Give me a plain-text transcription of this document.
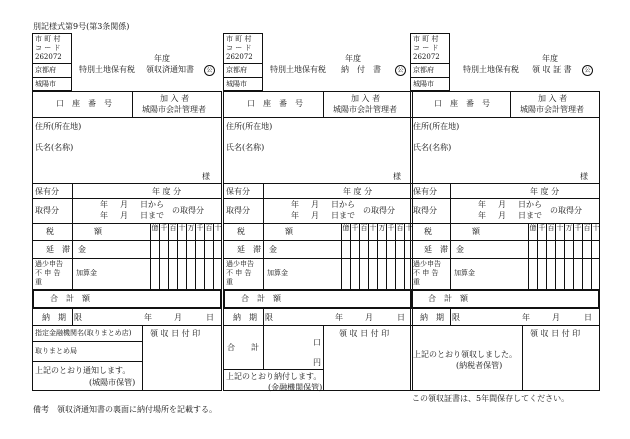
別記様式第9号(第3条関係)
市 町 村
コ ー ド
262072
京都府
城陽市
年度
特別土地保有税 領収済通知書	公
口　座　番　号
加 入 者
城陽市会計管理者
住所(所在地)
氏名(名称)
様
保有分	年 度 分
取得分
年 月 日から
年 月 日まで
の取得分
税	額	億 千 百 十 万 千 百 十
延　滞　金
過少申告
不 申 告
重
加算金
合　計　額
納　期　限	年	月	日
指定金融機関名(取りまとめ店) 領 収 日 付 印
取りまとめ局
上記のとおり通知します。
(城陽市保管)
市 町 村
コ ー ド
262072
京都府
城陽市
年度
特別土地保有税 納　付　書	公
口　座　番　号
加 入 者
城陽市会計管理者
住所(所在地)
氏名(名称)
様
保有分	年 度 分
取得分
年 月 日から
年 月 日まで
の取得分
税	額	億 千 百 十 万 千 百 十
延　滞　金
過少申告
不 申 告
重
加算金
合　計　額
納　期　限	年	月	日
合 計
口
円
領 収 日 付 印
上記のとおり納付します。
(金融機関保管)
市 町 村
コ ー ド
262072
京都府
城陽市
年度
特別土地保有税 領 収 証 書	公
口　座　番　号
加 入 者
城陽市会計管理者
住所(所在地)
氏名(名称)
様
保有分	年 度 分
取得分
年 月 日から
年 月 日まで
の取得分
税	額	億 千 百 十 万 千 百 十
延　滞　金
過少申告
不 申 告
重
加算金
合　計　額
納　期　限	年	月	日
領 収 日 付 印
上記のとおり領収しました。
(納税者保管)
この領収証書は、5年間保存してください。
備考　領収済通知書の裏面に納付場所を記載する。
